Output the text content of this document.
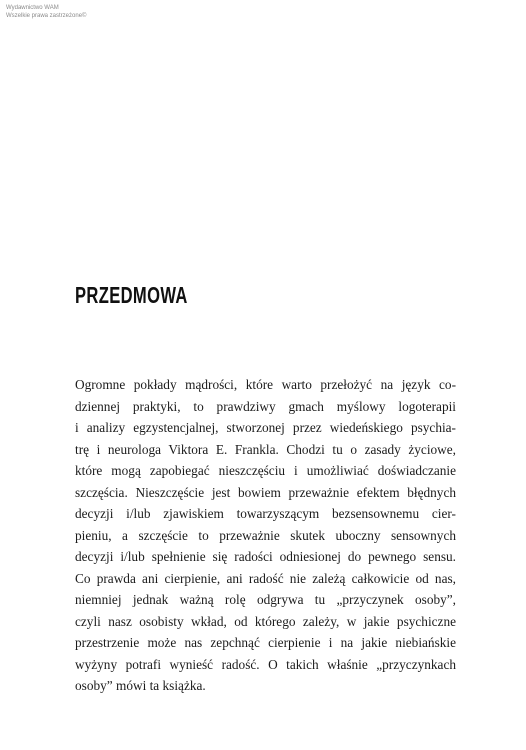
Wydawnictwo WAM
Wszelkie prawa zastrzeżone©
PRZEDMOWA
Ogromne pokłady mądrości, które warto przełożyć na język co-
dziennej praktyki, to prawdziwy gmach myślowy logoterapii
i analizy egzystencjalnej, stworzonej przez wiedeńskiego psychia-
trę i neurologa Viktora E. Frankla. Chodzi tu o zasady życiowe,
które mogą zapobiegać nieszczęściu i umożliwiać doświadczanie
szczęścia. Nieszczęście jest bowiem przeważnie efektem błędnych
decyzji i/lub zjawiskiem towarzyszącym bezsensownemu cier-
pieniu, a szczęście to przeważnie skutek uboczny sensownych
decyzji i/lub spełnienie się radości odniesionej do pewnego sensu.
Co prawda ani cierpienie, ani radość nie zależą całkowicie od nas,
niemniej jednak ważną rolę odgrywa tu „przyczynek osoby”,
czyli nasz osobisty wkład, od którego zależy, w jakie psychiczne
przestrzenie może nas zepchnąć cierpienie i na jakie niebiańskie
wyżyny potrafi wynieść radość. O takich właśnie „przyczynkach
osoby” mówi ta książka.
